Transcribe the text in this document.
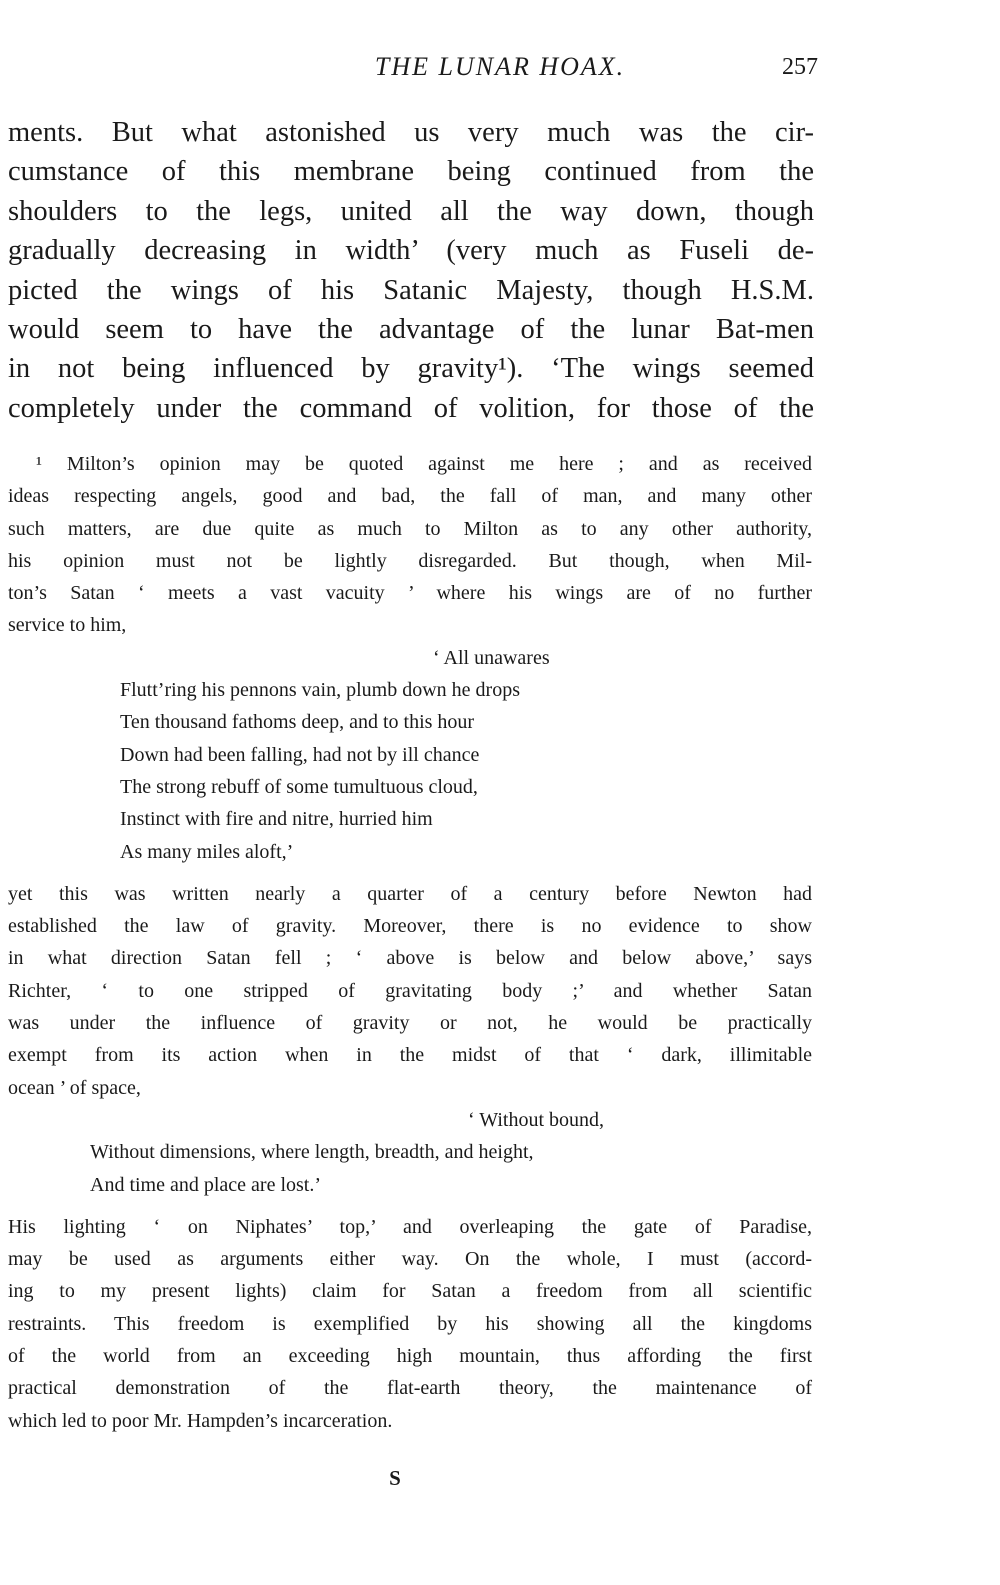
THE LUNAR HOAX.	257
ments. But what astonished us very much was the cir-
cumstance of this membrane being continued from the
shoulders to the legs, united all the way down, though
gradually decreasing in width’ (very much as Fuseli de-
picted the wings of his Satanic Majesty, though H.S.M.
would seem to have the advantage of the lunar Bat-men
in not being influenced by gravity¹). ‘The wings seemed
completely under the command of volition, for those of the
¹ Milton’s opinion may be quoted against me here ; and as received
ideas respecting angels, good and bad, the fall of man, and many other
such matters, are due quite as much to Milton as to any other authority,
his opinion must not be lightly disregarded. But though, when Mil-
ton’s Satan ‘ meets a vast vacuity ’ where his wings are of no further
service to him,
‘ All unawares
Flutt’ring his pennons vain, plumb down he drops
Ten thousand fathoms deep, and to this hour
Down had been falling, had not by ill chance
The strong rebuff of some tumultuous cloud,
Instinct with fire and nitre, hurried him
As many miles aloft,’
yet this was written nearly a quarter of a century before Newton had
established the law of gravity. Moreover, there is no evidence to show
in what direction Satan fell ; ‘ above is below and below above,’ says
Richter, ‘ to one stripped of gravitating body ;’ and whether Satan
was under the influence of gravity or not, he would be practically
exempt from its action when in the midst of that ‘ dark, illimitable
ocean ’ of space,
‘ Without bound,
Without dimensions, where length, breadth, and height,
And time and place are lost.’
His lighting ‘ on Niphates’ top,’ and overleaping the gate of Paradise,
may be used as arguments either way. On the whole, I must (accord-
ing to my present lights) claim for Satan a freedom from all scientific
restraints. This freedom is exemplified by his showing all the kingdoms
of the world from an exceeding high mountain, thus affording the first
practical demonstration of the flat-earth theory, the maintenance of
which led to poor Mr. Hampden’s incarceration.
S
